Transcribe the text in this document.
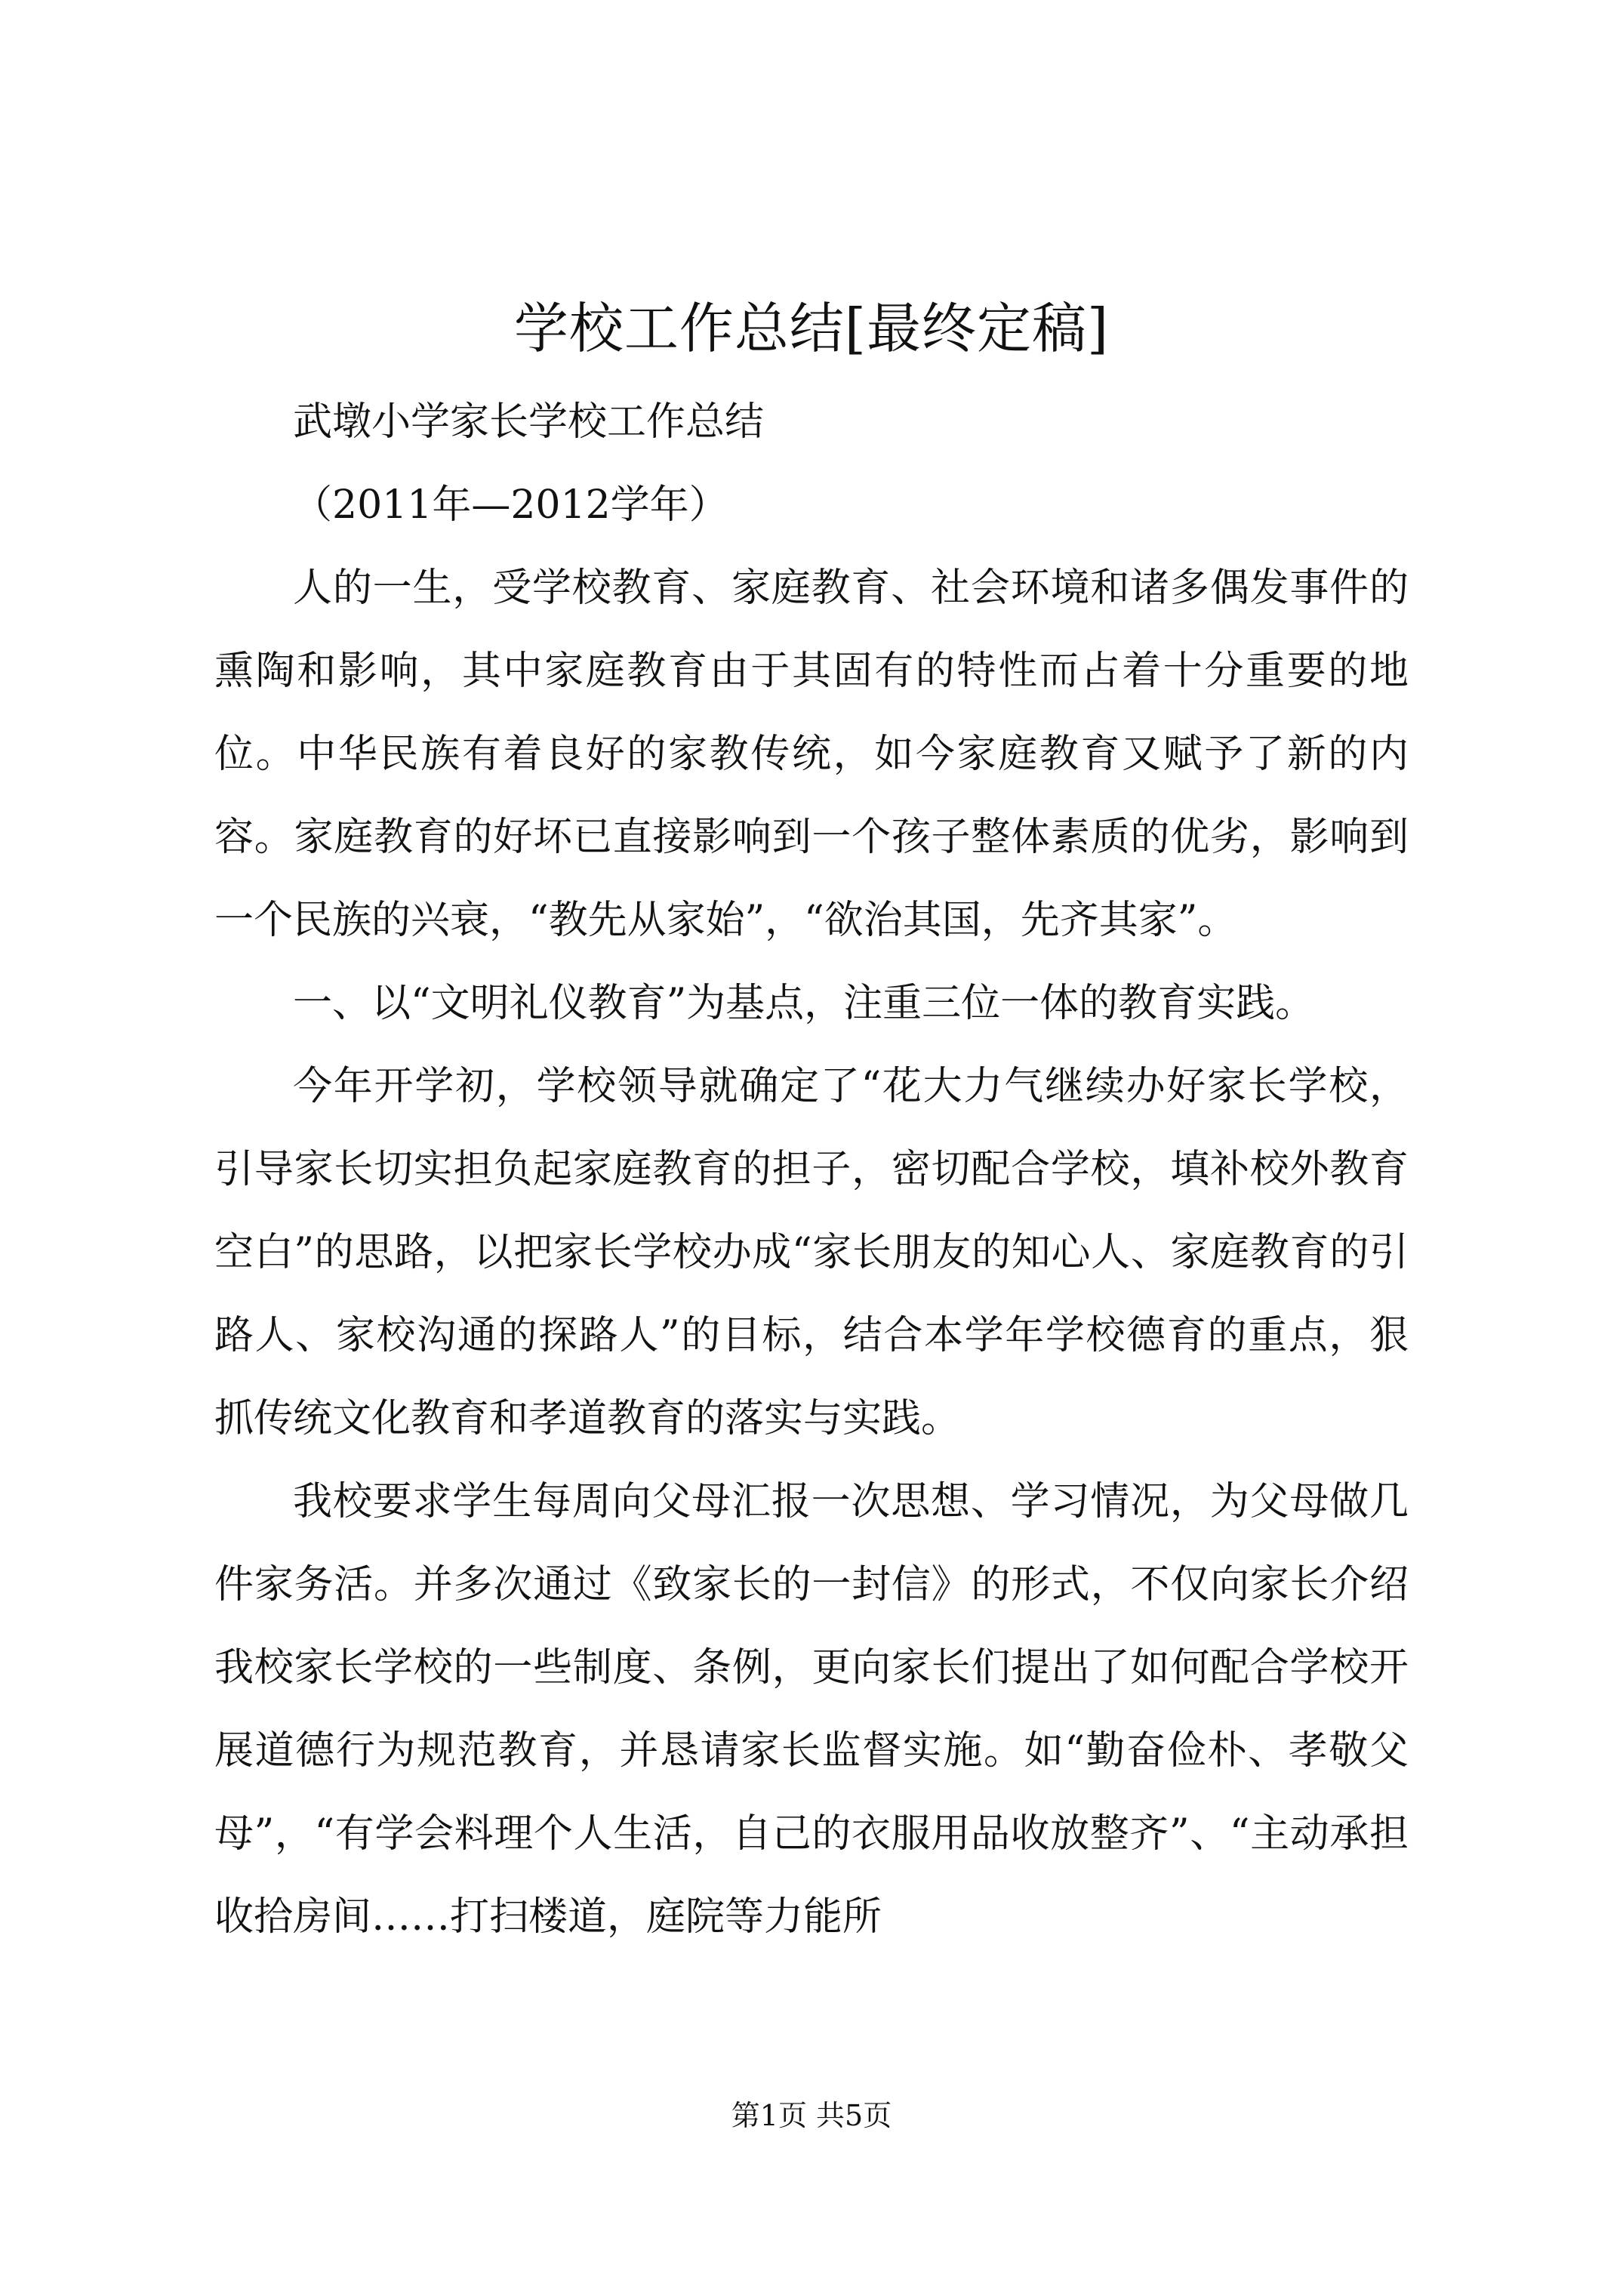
学校工作总结[最终定稿]

武墩小学家长学校工作总结

（2011年—2012学年）

人的一生，受学校教育、家庭教育、社会环境和诸多偶发事件的熏陶和影响，其中家庭教育由于其固有的特性而占着十分重要的地位。中华民族有着良好的家教传统，如今家庭教育又赋予了新的内容。家庭教育的好坏已直接影响到一个孩子整体素质的优劣，影响到一个民族的兴衰，“教先从家始”，“欲治其国，先齐其家”。

一、以“文明礼仪教育”为基点，注重三位一体的教育实践。

今年开学初，学校领导就确定了“花大力气继续办好家长学校，引导家长切实担负起家庭教育的担子，密切配合学校，填补校外教育空白”的思路，以把家长学校办成“家长朋友的知心人、家庭教育的引路人、家校沟通的探路人”的目标，结合本学年学校德育的重点，狠抓传统文化教育和孝道教育的落实与实践。

我校要求学生每周向父母汇报一次思想、学习情况，为父母做几件家务活。并多次通过《致家长的一封信》的形式，不仅向家长介绍我校家长学校的一些制度、条例，更向家长们提出了如何配合学校开展道德行为规范教育，并恳请家长监督实施。如“勤奋俭朴、孝敬父母”，“有学会料理个人生活，自己的衣服用品收放整齐”、“主动承担收拾房间……打扫楼道，庭院等力能所

第1页 共5页
